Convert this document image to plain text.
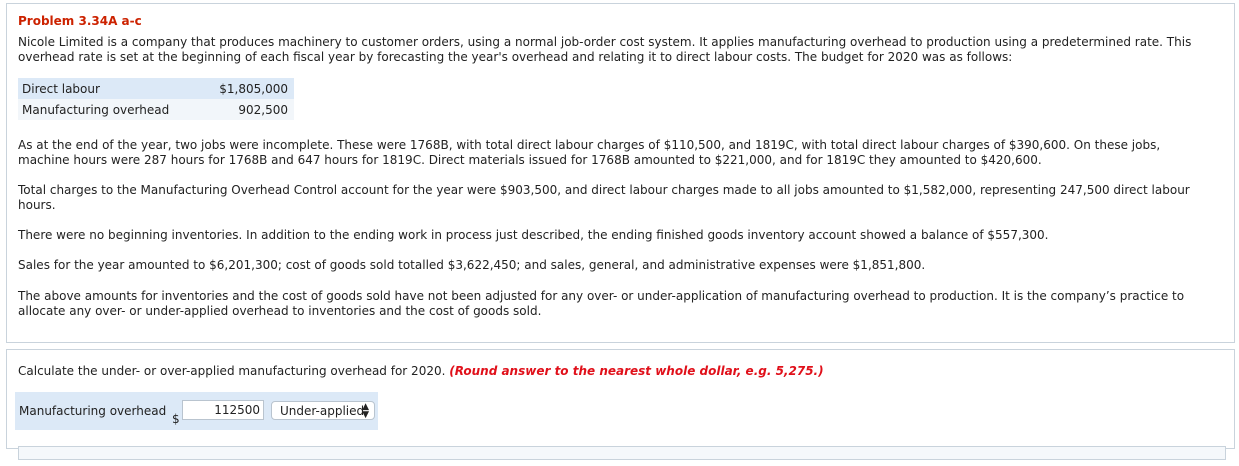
Problem 3.34A a-c

Nicole Limited is a company that produces machinery to customer orders, using a normal job-order cost system. It applies manufacturing overhead to production using a predetermined rate. This overhead rate is set at the beginning of each fiscal year by forecasting the year's overhead and relating it to direct labour costs. The budget for 2020 was as follows:

Direct labour	$1,805,000
Manufacturing overhead	902,500

As at the end of the year, two jobs were incomplete. These were 1768B, with total direct labour charges of $110,500, and 1819C, with total direct labour charges of $390,600. On these jobs, machine hours were 287 hours for 1768B and 647 hours for 1819C. Direct materials issued for 1768B amounted to $221,000, and for 1819C they amounted to $420,600.

Total charges to the Manufacturing Overhead Control account for the year were $903,500, and direct labour charges made to all jobs amounted to $1,582,000, representing 247,500 direct labour hours.

There were no beginning inventories. In addition to the ending work in process just described, the ending finished goods inventory account showed a balance of $557,300.

Sales for the year amounted to $6,201,300; cost of goods sold totalled $3,622,450; and sales, general, and administrative expenses were $1,851,800.

The above amounts for inventories and the cost of goods sold have not been adjusted for any over- or under-application of manufacturing overhead to production. It is the company’s practice to allocate any over- or under-applied overhead to inventories and the cost of goods sold.

Calculate the under- or over-applied manufacturing overhead for 2020. (Round answer to the nearest whole dollar, e.g. 5,275.)
Manufacturing overhead
$
112500	Under-applied
▲
▼
